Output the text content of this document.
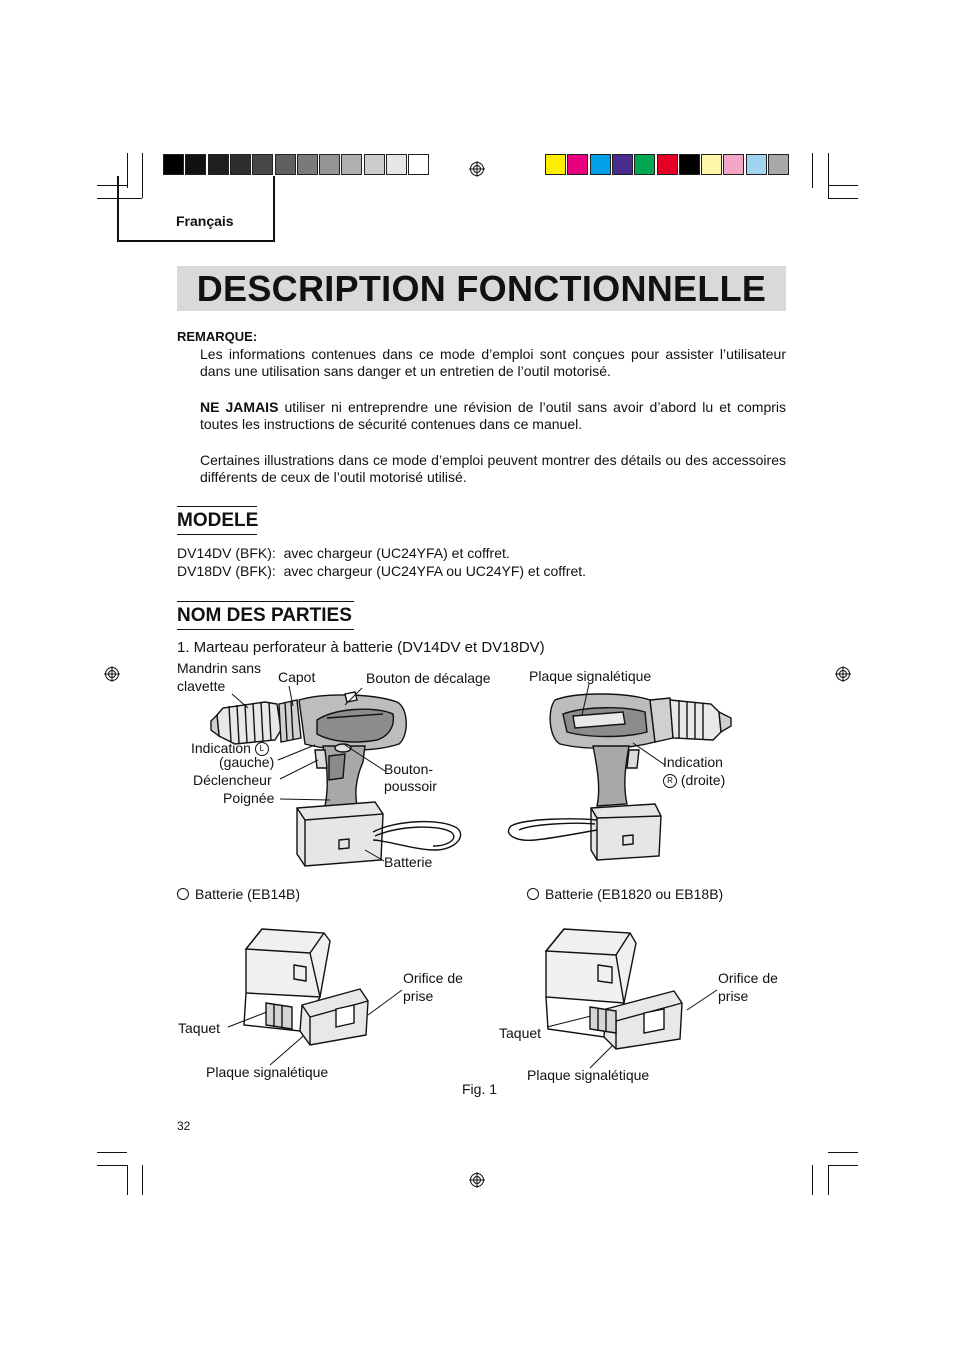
Français
DESCRIPTION FONCTIONNELLE
REMARQUE:
Les informations contenues dans ce mode d’emploi sont conçues pour assister l’utilisateur dans une utilisation sans danger et un entretien de l’outil motorisé.
NE JAMAIS utiliser ni entreprendre une révision de l’outil sans avoir d’abord lu et compris toutes les instructions de sécurité contenues dans ce manuel.
Certaines illustrations dans ce mode d’emploi peuvent montrer des détails ou des accessoires différents de ceux de l’outil motorisé utilisé.
MODELE
DV14DV (BFK): avec chargeur (UC24YFA) et coffret.
DV18DV (BFK): avec chargeur (UC24YFA ou UC24YF) et coffret.
NOM DES PARTIES
1. Marteau perforateur à batterie (DV14DV et DV18DV)
Mandrin sans
clavette
Capot	Bouton de décalage
Indication L
(gauche)
Déclencheur
Poignée
Bouton-
poussoir
Batterie
Plaque signalétique
Indication
R (droite)
Batterie (EB14B)	Batterie (EB1820 ou EB18B)
Orifice de
prise
Taquet
Plaque signalétique
Orifice de
prise
Taquet
Plaque signalétique
Fig. 1
32
